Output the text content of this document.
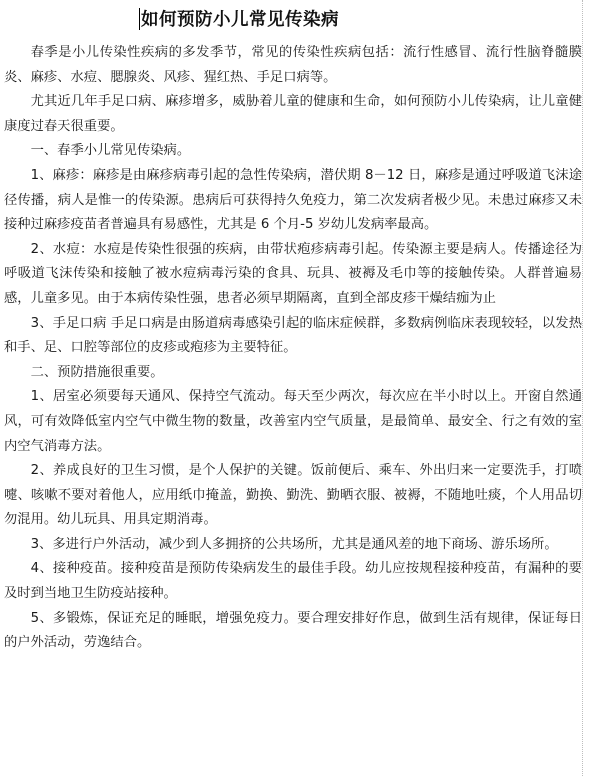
如何预防小儿常见传染病

春季是小儿传染性疾病的多发季节，常见的传染性疾病包括：流行性感冒、流行性脑脊髓膜炎、麻疹、水痘、腮腺炎、风疹、猩红热、手足口病等。

尤其近几年手足口病、麻疹增多，威胁着儿童的健康和生命，如何预防小儿传染病，让儿童健康度过春天很重要。

一、春季小儿常见传染病。

1、麻疹：麻疹是由麻疹病毒引起的急性传染病，潜伏期 8－12 日，麻疹是通过呼吸道飞沫途径传播，病人是惟一的传染源。患病后可获得持久免疫力，第二次发病者极少见。未患过麻疹又未接种过麻疹疫苗者普遍具有易感性，尤其是 6 个月-5 岁幼儿发病率最高。

2、水痘：水痘是传染性很强的疾病，由带状疱疹病毒引起。传染源主要是病人。传播途径为呼吸道飞沫传染和接触了被水痘病毒污染的食具、玩具、被褥及毛巾等的接触传染。人群普遍易感，儿童多见。由于本病传染性强，患者必须早期隔离，直到全部皮疹干燥结痂为止

3、手足口病 手足口病是由肠道病毒感染引起的临床症候群，多数病例临床表现较轻，以发热和手、足、口腔等部位的皮疹或疱疹为主要特征。

二、预防措施很重要。

1、居室必须要每天通风、保持空气流动。每天至少两次，每次应在半小时以上。开窗自然通风，可有效降低室内空气中微生物的数量，改善室内空气质量，是最简单、最安全、行之有效的室内空气消毒方法。

2、养成良好的卫生习惯，是个人保护的关键。饭前便后、乘车、外出归来一定要洗手，打喷嚏、咳嗽不要对着他人，应用纸巾掩盖，勤换、勤洗、勤晒衣服、被褥，不随地吐痰，个人用品切勿混用。幼儿玩具、用具定期消毒。

3、多进行户外活动，减少到人多拥挤的公共场所，尤其是通风差的地下商场、游乐场所。

4、接种疫苗。接种疫苗是预防传染病发生的最佳手段。幼儿应按规程接种疫苗，有漏种的要及时到当地卫生防疫站接种。

5、多锻炼，保证充足的睡眠，增强免疫力。要合理安排好作息，做到生活有规律，保证每日的户外活动，劳逸结合。
